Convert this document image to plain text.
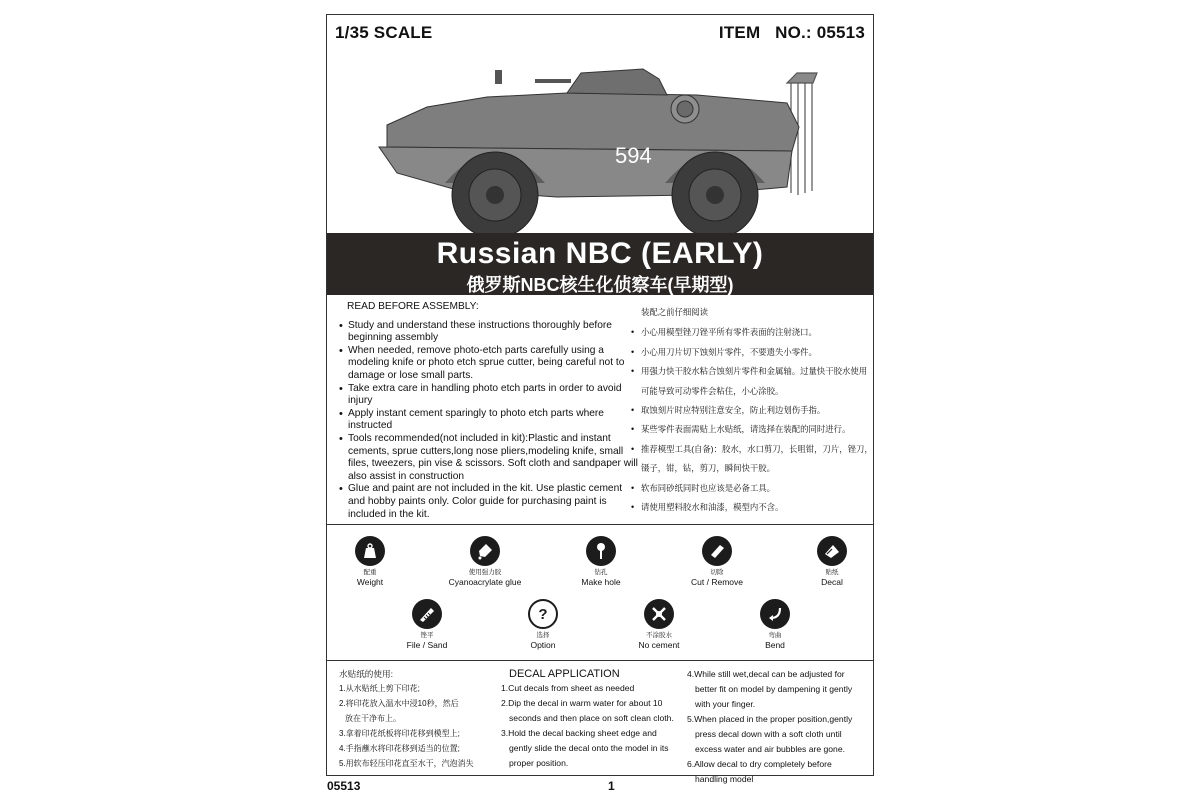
1/35 SCALE	ITEM NO.: 05513
594
Russian NBC (EARLY)
俄罗斯NBC核生化侦察车(早期型)
READ BEFORE ASSEMBLY:
• Study and understand these instructions thoroughly before beginning assembly
• When needed, remove photo-etch parts carefully using a modeling knife or photo etch sprue cutter, being careful not to damage or lose small parts.
• Take extra care in handling photo etch parts in order to avoid injury
• Apply instant cement sparingly to photo etch parts where instructed
• Tools recommended(not included in kit):Plastic and instant cements, sprue cutters,long nose pliers,modeling knife, small files, tweezers, pin vise & scissors. Soft cloth and sandpaper will also assist in construction
• Glue and paint are not included in the kit. Use plastic cement and hobby paints only. Color guide for purchasing paint is included in the kit.
装配之前仔细阅读
• 小心用模型锉刀锉平所有零件表面的注射浇口。
• 小心用刀片切下蚀刻片零件，不要遗失小零件。
• 用强力快干胶水粘合蚀刻片零件和金属轴。过量快干胶水使用可能导致可动零件会粘住，小心涂胶。
• 取蚀刻片时应特别注意安全，防止利边划伤手指。
• 某些零件表面需贴上水贴纸，请选择在装配的同时进行。
• 推荐模型工具(自备)：胶水，水口剪刀，长咀钳，刀片，锉刀，镊子，钳，钻，剪刀，瞬间快干胶。
• 软布同砂纸同时也应该是必备工具。
• 请使用塑料胶水和油漆，模型内不含。
配重
Weight
使用强力胶
Cyanoacrylate glue
钻孔
Make hole
切除
Cut / Remove
贴纸
Decal
锉平
File / Sand
?
选择
Option
不涂胶水
No cement
弯曲
Bend
水贴纸的使用:
1.从水贴纸上剪下印花;
2.将印花放入温水中浸10秒，然后
放在干净布上。
3.拿着印花纸板将印花移到模型上;
4.手指蘸水将印花移到适当的位置;
5.用软布轻压印花直至水干，汽泡消失
DECAL APPLICATION
1.Cut decals from sheet as needed
2.Dip the decal in warm water for about 10
seconds and then place on soft clean cloth.
3.Hold the decal backing sheet edge and
gently slide the decal onto the model in its
proper position.
4.While still wet,decal can be adjusted for
better fit on model by dampening it gently
with your finger.
5.When placed in the proper position,gently
press decal down with a soft cloth until
excess water and air bubbles are gone.
6.Allow decal to dry completely before
handling model
05513	1
